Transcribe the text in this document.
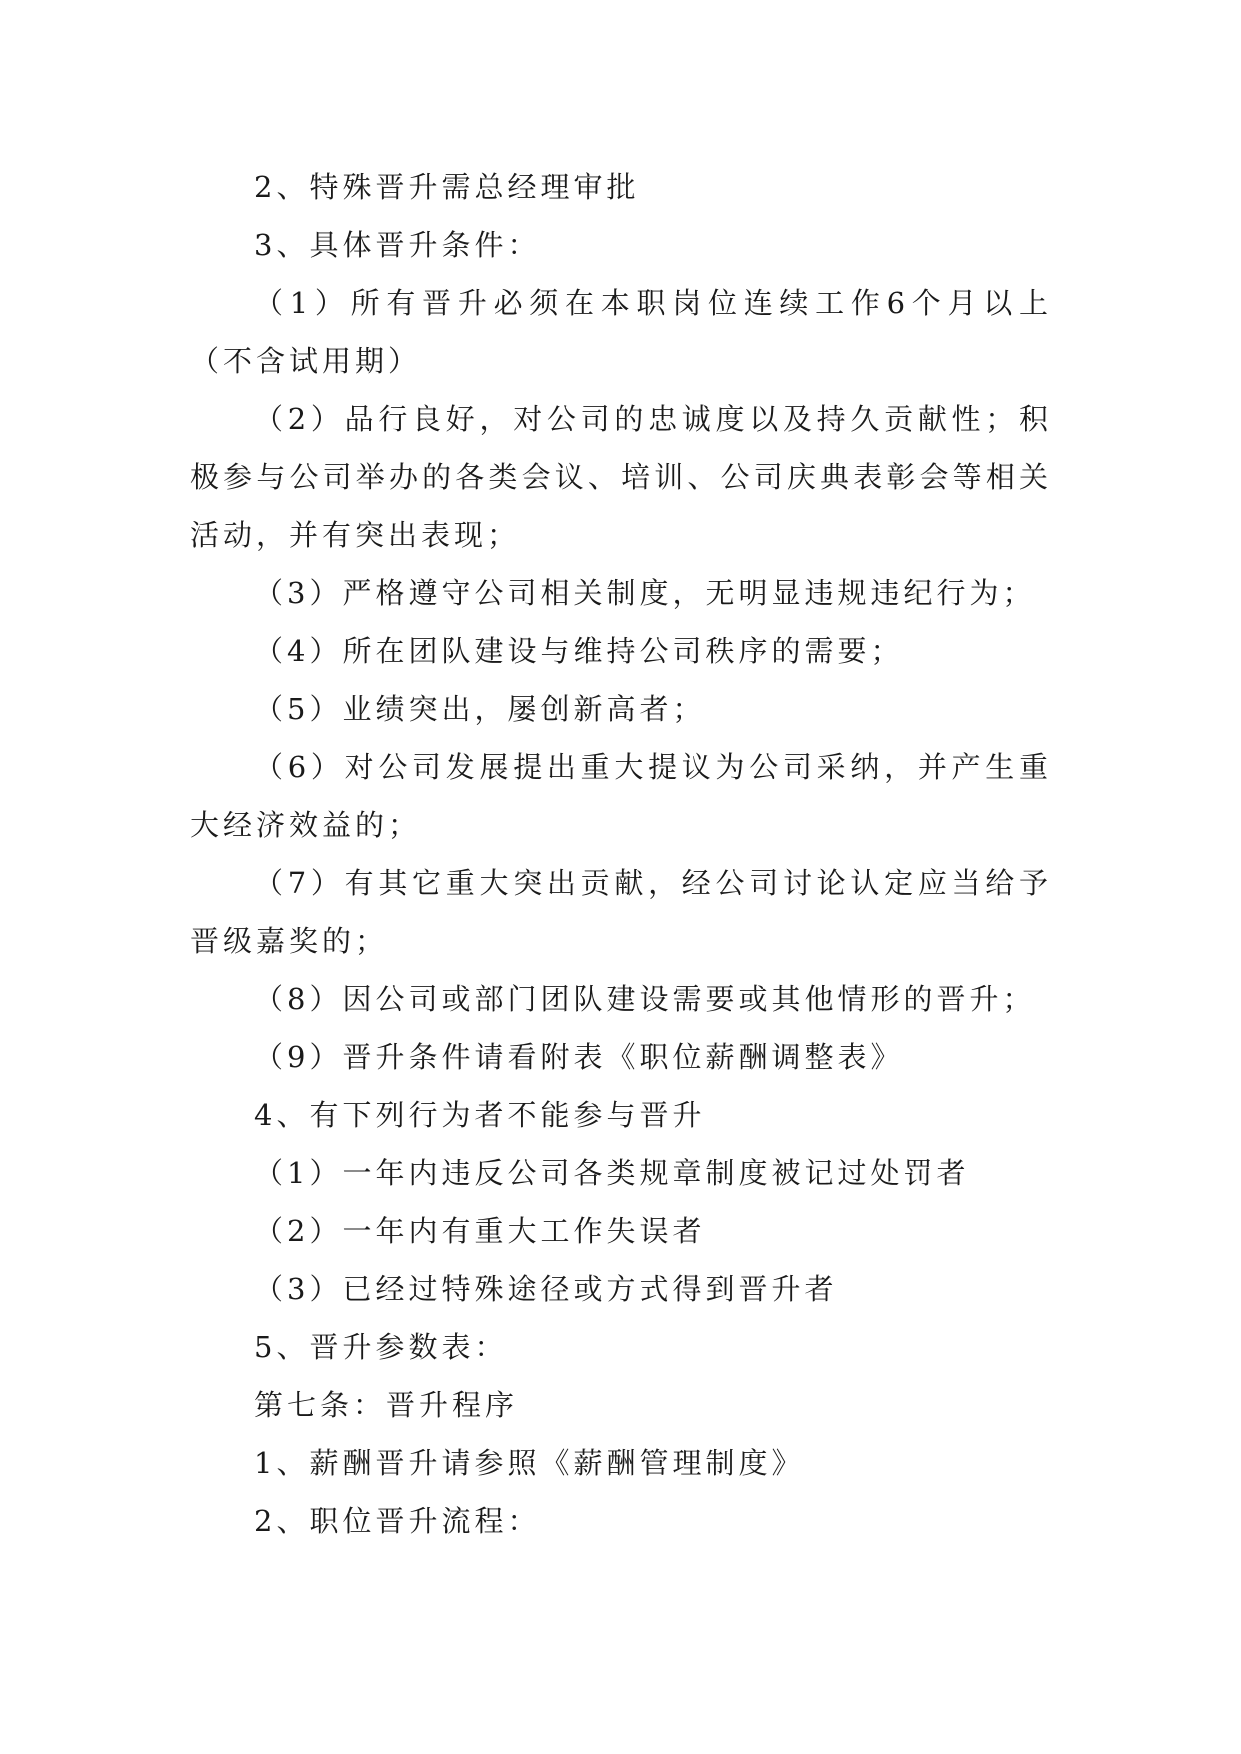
2、特殊晋升需总经理审批

3、具体晋升条件：

（1）所有晋升必须在本职岗位连续工作6个月以上（不含试用期）

（2）品行良好，对公司的忠诚度以及持久贡献性；积极参与公司举办的各类会议、培训、公司庆典表彰会等相关活动，并有突出表现；

（3）严格遵守公司相关制度，无明显违规违纪行为；

（4）所在团队建设与维持公司秩序的需要；

（5）业绩突出，屡创新高者；

（6）对公司发展提出重大提议为公司采纳，并产生重大经济效益的；

（7）有其它重大突出贡献，经公司讨论认定应当给予晋级嘉奖的；

（8）因公司或部门团队建设需要或其他情形的晋升；

（9）晋升条件请看附表《职位薪酬调整表》

4、有下列行为者不能参与晋升

（1）一年内违反公司各类规章制度被记过处罚者

（2）一年内有重大工作失误者

（3）已经过特殊途径或方式得到晋升者

5、晋升参数表：

第七条：晋升程序

1、薪酬晋升请参照《薪酬管理制度》

2、职位晋升流程：
